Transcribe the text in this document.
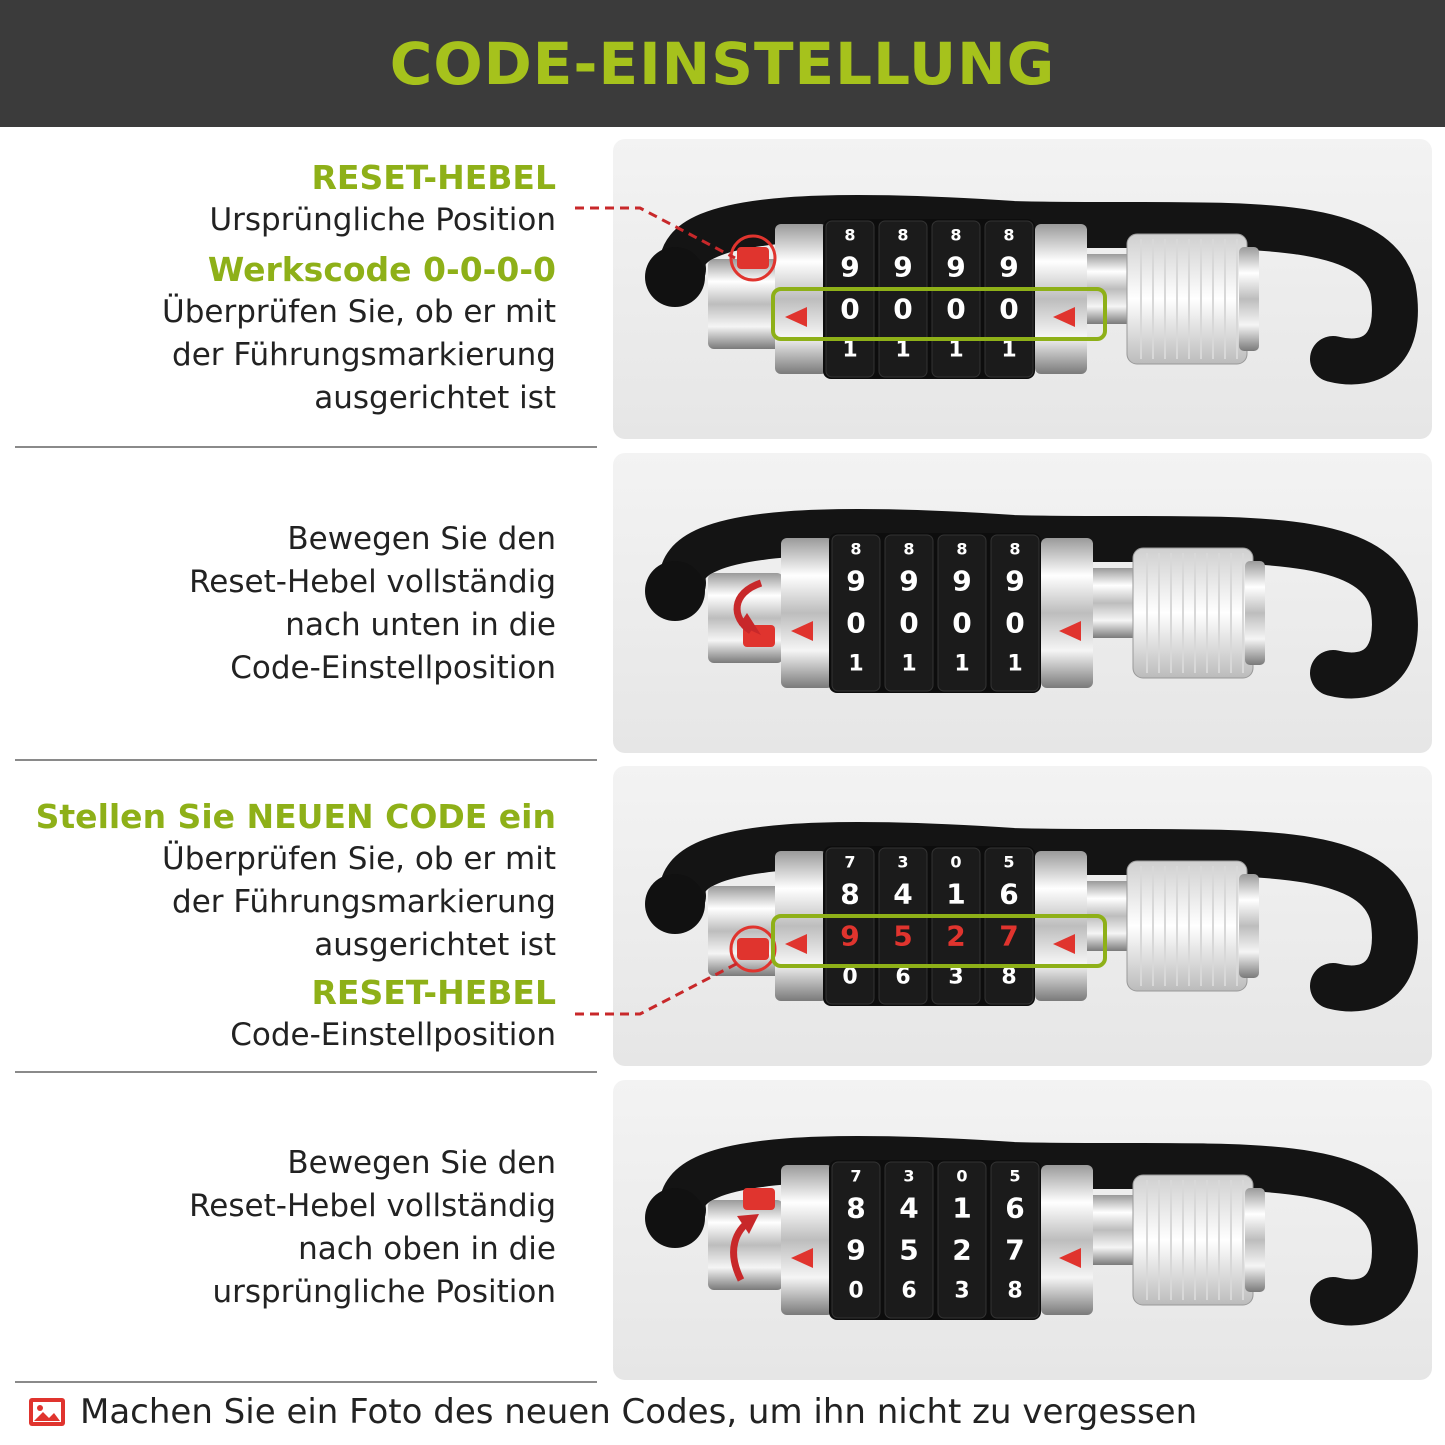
CODE-EINSTELLUNG
RESET-HEBEL
Ursprüngliche Position
Werkscode 0-0-0-0
Überprüfen Sie, ob er mit
der Führungsmarkierung
ausgerichtet ist
8
9
0
1
8
9
0
1
8
9
0
1
8
9
0
1
Bewegen Sie den
Reset-Hebel vollständig
nach unten in die
Code-Einstellposition
8
9
0
1
8
9
0
1
8
9
0
1
8
9
0
1
Stellen Sie NEUEN CODE ein
Überprüfen Sie, ob er mit
der Führungsmarkierung
ausgerichtet ist
RESET-HEBEL
Code-Einstellposition
7
8
9
0
3
4
5
6
0
1
2
3
5
6
7
8
Bewegen Sie den
Reset-Hebel vollständig
nach oben in die
ursprüngliche Position
7
8
9
0
3
4
5
6
0
1
2
3
5
6
7
8
Machen Sie ein Foto des neuen Codes, um ihn nicht zu vergessen
